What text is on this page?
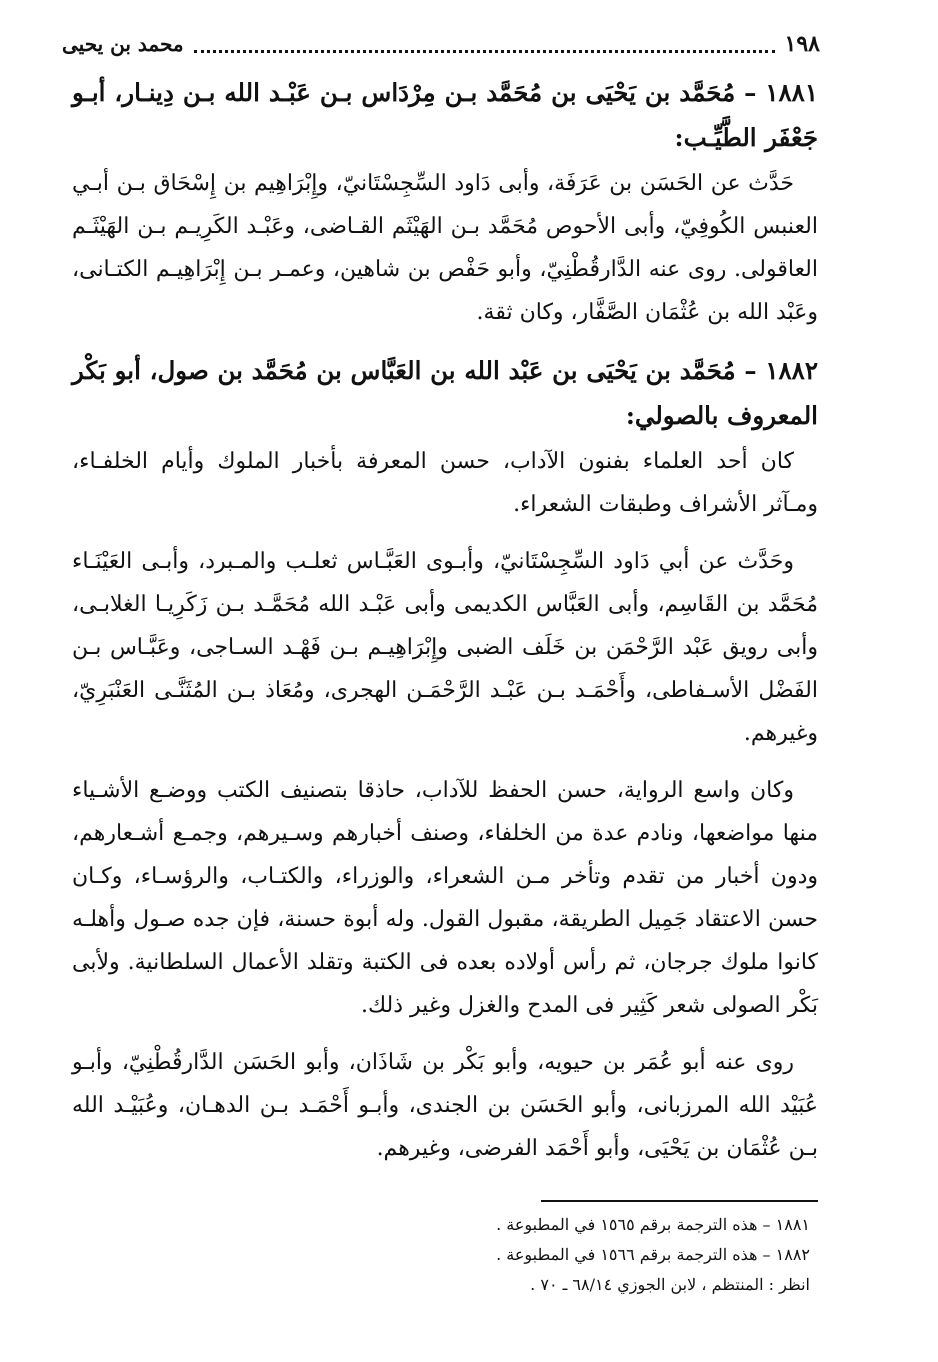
١٩٨
محمد بن يحيى

١٨٨١ – مُحَمَّد بن يَحْيَى بن مُحَمَّد بـن مِرْدَاس بـن عَبْـد الله بـن دِينـار، أبـو جَعْفَر الطَّيِّـب:

حَدَّث عن الحَسَن بن عَرَفَة، وأبى دَاود السِّجِسْتَانيّ، وإِبْرَاهِيم بن إِسْحَاق بـن أبـي العنبس الكُوفِيّ، وأبى الأحوص مُحَمَّد بـن الهَيْثَم القـاضى، وعَبْـد الكَرِيـم بـن الهَيْثَـم العاقولى. روى عنه الدَّارقُطْنِيّ، وأبو حَفْص بن شاهين، وعمـر بـن إِبْرَاهِيـم الكتـانى، وعَبْد الله بن عُثْمَان الصَّفَّار، وكان ثقة.

١٨٨٢ – مُحَمَّد بن يَحْيَى بن عَبْد الله بن العَبَّاس بن مُحَمَّد بن صول، أبو بَكْر المعروف بالصولي:

كان أحد العلماء بفنون الآداب، حسن المعرفة بأخبار الملوك وأيام الخلفـاء، ومـآثر الأشراف وطبقات الشعراء.

وحَدَّث عن أبي دَاود السِّجِسْتَانيّ، وأبـوى العَبَّـاس ثعلـب والمـبرد، وأبـى العَيْنَـاء مُحَمَّد بن القَاسِم، وأبى العَبَّاس الكديمى وأبى عَبْـد الله مُحَمَّـد بـن زَكَرِيـا الغلابـى، وأبى رويق عَبْد الرَّحْمَن بن خَلَف الضبى وإِبْرَاهِيـم بـن فَهْـد السـاجى، وعَبَّـاس بـن الفَضْل الأسـفاطى، وأَحْمَـد بـن عَبْـد الرَّحْمَـن الهجرى، ومُعَاذ بـن المُثَنَّـى العَنْبَرِيّ، وغيرهم.

وكان واسع الرواية، حسن الحفظ للآداب، حاذقا بتصنيف الكتب ووضـع الأشـياء منها مواضعها، ونادم عدة من الخلفاء، وصنف أخبارهم وسـيرهم، وجمـع أشـعارهم، ودون أخبار من تقدم وتأخر مـن الشعراء، والوزراء، والكتـاب، والرؤسـاء، وكـان حسن الاعتقاد جَمِيل الطريقة، مقبول القول. وله أبوة حسنة، فإن جده صـول وأهلـه كانوا ملوك جرجان، ثم رأس أولاده بعده فى الكتبة وتقلد الأعمال السلطانية. ولأبى بَكْر الصولى شعر كَثِير فى المدح والغزل وغير ذلك.

روى عنه أبو عُمَر بن حيويه، وأبو بَكْر بن شَاذَان، وأبو الحَسَن الدَّارقُطْنِيّ، وأبـو عُبَيْد الله المرزبانى، وأبو الحَسَن بن الجندى، وأبـو أَحْمَـد بـن الدهـان، وعُبَيْـد الله بـن عُثْمَان بن يَحْيَى، وأبو أَحْمَد الفرضى، وغيرهم.

١٨٨١ – هذه الترجمة برقم ١٥٦٥ في المطبوعة .

١٨٨٢ – هذه الترجمة برقم ١٥٦٦ في المطبوعة .

انظر : المنتظم ، لابن الجوزي ٦٨/١٤ ـ ٧٠ .
